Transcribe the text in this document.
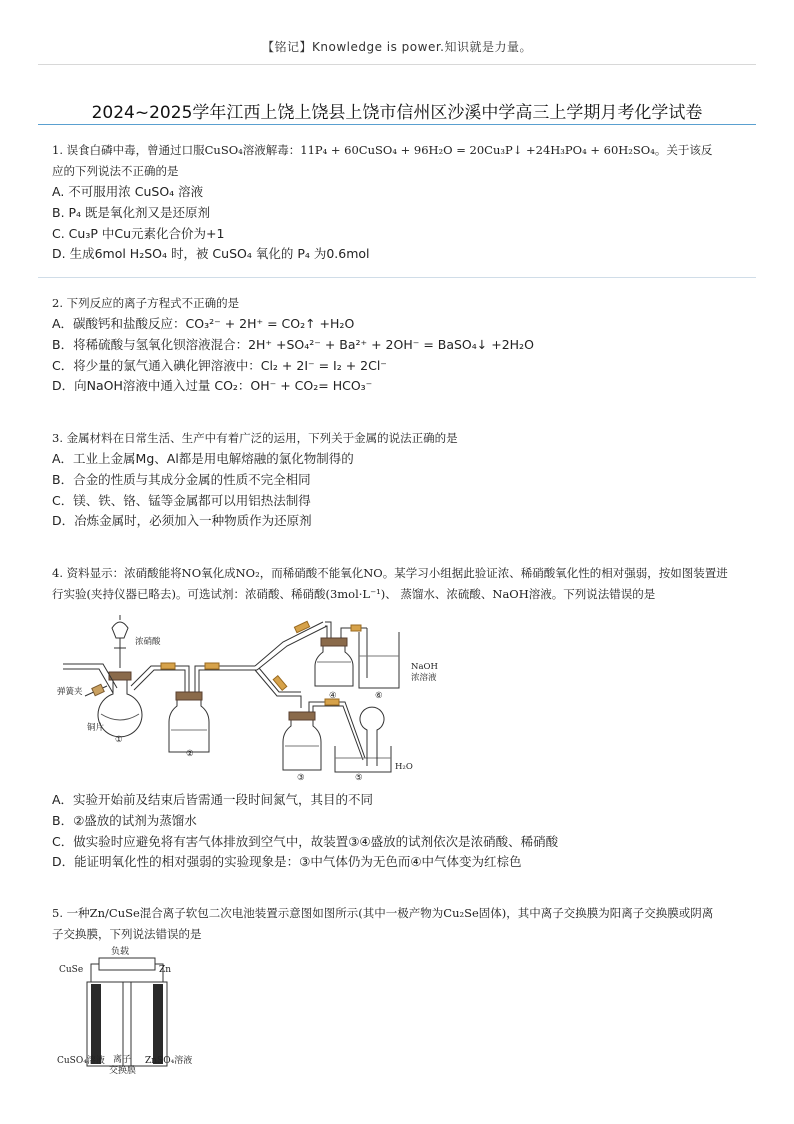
【铭记】Knowledge is power.知识就是力量。
2024~2025学年江西上饶上饶县上饶市信州区沙溪中学高三上学期月考化学试卷
1. 误食白磷中毒，曾通过口服CuSO₄溶液解毒：11P₄ + 60CuSO₄ + 96H₂O = 20Cu₃P↓ +24H₃PO₄ + 60H₂SO₄。关于该反
应的下列说法不正确的是
A. 不可服用浓 CuSO₄ 溶液
B. P₄ 既是氧化剂又是还原剂
C. Cu₃P 中Cu元素化合价为+1
D. 生成6mol H₂SO₄ 时，被 CuSO₄ 氧化的 P₄ 为0.6mol
2. 下列反应的离子方程式不正确的是
A．碳酸钙和盐酸反应：CO₃²⁻ + 2H⁺ = CO₂↑ +H₂O
B．将稀硫酸与氢氧化钡溶液混合：2H⁺ +SO₄²⁻ + Ba²⁺ + 2OH⁻ = BaSO₄↓ +2H₂O
C．将少量的氯气通入碘化钾溶液中：Cl₂ + 2I⁻ = I₂ + 2Cl⁻
D．向NaOH溶液中通入过量 CO₂：OH⁻ + CO₂= HCO₃⁻
3. 金属材料在日常生活、生产中有着广泛的运用，下列关于金属的说法正确的是
A．工业上金属Mg、Al都是用电解熔融的氯化物制得的
B．合金的性质与其成分金属的性质不完全相同
C．镁、铁、铬、锰等金属都可以用铝热法制得
D．冶炼金属时，必须加入一种物质作为还原剂
4. 资料显示：浓硝酸能将NO氧化成NO₂，而稀硝酸不能氧化NO。某学习小组据此验证浓、稀硝酸氧化性的相对强弱，按如图装置进
行实验(夹持仪器已略去)。可选试剂：浓硝酸、稀硝酸(3mol·L⁻¹)、 蒸馏水、浓硫酸、NaOH溶液。下列说法错误的是
浓硝酸
弹簧夹
铜片
NaOH
浓溶液
H₂O
①
②
③
④	⑥
⑤
A．实验开始前及结束后皆需通一段时间氮气，其目的不同
B．②盛放的试剂为蒸馏水
C．做实验时应避免将有害气体排放到空气中，故装置③④盛放的试剂依次是浓硝酸、稀硝酸
D．能证明氧化性的相对强弱的实验现象是：③中气体仍为无色而④中气体变为红棕色
5. 一种Zn/CuSe混合离子软包二次电池装置示意图如图所示(其中一极产物为Cu₂Se固体)，其中离子交换膜为阳离子交换膜或阴离
子交换膜，下列说法错误的是
负载
CuSe	Zn
CuSO₄溶液 离子
交换膜
ZnSO₄溶液
